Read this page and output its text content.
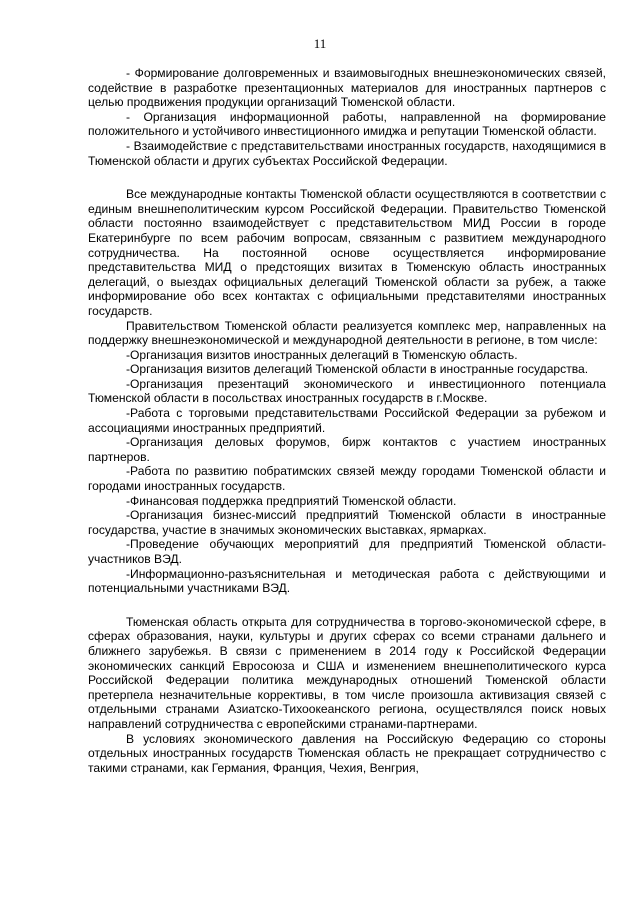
11

- Формирование долговременных и взаимовыгодных внешнеэкономических связей, содействие в разработке презентационных материалов для иностранных партнеров с целью продвижения продукции организаций Тюменской области.

- Организация информационной работы, направленной на формирование положительного и устойчивого инвестиционного имиджа и репутации Тюменской области.

- Взаимодействие с представительствами иностранных государств, находящимися в Тюменской области и других субъектах Российской Федерации.

Все международные контакты Тюменской области осуществляются в соответствии с единым внешнеполитическим курсом Российской Федерации. Правительство Тюменской области постоянно взаимодействует с представительством МИД России в городе Екатеринбурге по всем рабочим вопросам, связанным с развитием международного сотрудничества. На постоянной основе осуществляется информирование представительства МИД о предстоящих визитах в Тюменскую область иностранных делегаций, о выездах официальных делегаций Тюменской области за рубеж, а также информирование обо всех контактах с официальными представителями иностранных государств.

Правительством Тюменской области реализуется комплекс мер, направленных на поддержку внешнеэкономической и международной деятельности в регионе, в том числе:

-Организация визитов иностранных делегаций в Тюменскую область.

-Организация визитов делегаций Тюменской области в иностранные государства.

-Организация презентаций экономического и инвестиционного потенциала Тюменской области в посольствах иностранных государств в г.Москве.

-Работа с торговыми представительствами Российской Федерации за рубежом и ассоциациями иностранных предприятий.

-Организация деловых форумов, бирж контактов с участием иностранных партнеров.

-Работа по развитию побратимских связей между городами Тюменской области и городами иностранных государств.

-Финансовая поддержка предприятий Тюменской области.

-Организация бизнес-миссий предприятий Тюменской области в иностранные государства, участие в значимых экономических выставках, ярмарках.

-Проведение обучающих мероприятий для предприятий Тюменской области-участников ВЭД.

-Информационно-разъяснительная и методическая работа с действующими и потенциальными участниками ВЭД.

Тюменская область открыта для сотрудничества в торгово-экономической сфере, в сферах образования, науки, культуры и других сферах со всеми странами дальнего и ближнего зарубежья. В связи с применением в 2014 году к Российской Федерации экономических санкций Евросоюза и США и изменением внешнеполитического курса Российской Федерации политика международных отношений Тюменской области претерпела незначительные коррективы, в том числе произошла активизация связей с отдельными странами Азиатско-Тихоокеанского региона, осуществлялся поиск новых направлений сотрудничества с европейскими странами-партнерами.

В условиях экономического давления на Российскую Федерацию со стороны отдельных иностранных государств Тюменская область не прекращает сотрудничество с такими странами, как Германия, Франция, Чехия, Венгрия,
